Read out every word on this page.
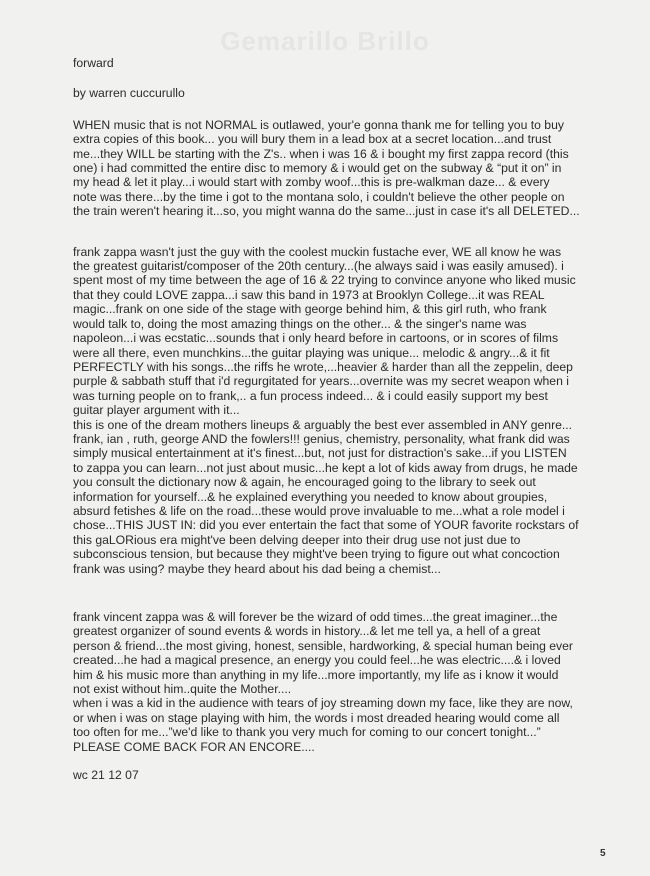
Gemarillo Brillo

forward

by warren cuccurullo

WHEN music that is not NORMAL is outlawed, your'e gonna thank me for telling you to buy
extra copies of this book... you will bury them in a lead box at a secret location...and trust
me...they WILL be starting with the Z's.. when i was 16 & i bought my first zappa record (this
one) i had committed the entire disc to memory & i would get on the subway & “put it on” in
my head & let it play...i would start with zomby woof...this is pre-walkman daze... & every
note was there...by the time i got to the montana solo, i couldn't believe the other people on
the train weren't hearing it...so, you might wanna do the same...just in case it's all DELETED...

frank zappa wasn't just the guy with the coolest muckin fustache ever, WE all know he was
the greatest guitarist/composer of the 20th century...(he always said i was easily amused). i
spent most of my time between the age of 16 & 22 trying to convince anyone who liked music
that they could LOVE zappa...i saw this band in 1973 at Brooklyn College...it was REAL
magic...frank on one side of the stage with george behind him, & this girl ruth, who frank
would talk to, doing the most amazing things on the other... & the singer's name was
napoleon...i was ecstatic...sounds that i only heard before in cartoons, or in scores of films
were all there, even munchkins...the guitar playing was unique... melodic & angry...& it fit
PERFECTLY with his songs...the riffs he wrote,...heavier & harder than all the zeppelin, deep
purple & sabbath stuff that i'd regurgitated for years...overnite was my secret weapon when i
was turning people on to frank,.. a fun process indeed... & i could easily support my best
guitar player argument with it...
this is one of the dream mothers lineups & arguably the best ever assembled in ANY genre...
frank, ian , ruth, george AND the fowlers!!! genius, chemistry, personality, what frank did was
simply musical entertainment at it's finest...but, not just for distraction's sake...if you LISTEN
to zappa you can learn...not just about music...he kept a lot of kids away from drugs, he made
you consult the dictionary now & again, he encouraged going to the library to seek out
information for yourself...& he explained everything you needed to know about groupies,
absurd fetishes & life on the road...these would prove invaluable to me...what a role model i
chose...THIS JUST IN: did you ever entertain the fact that some of YOUR favorite rockstars of
this gaLORious era might've been delving deeper into their drug use not just due to
subconscious tension, but because they might've been trying to figure out what concoction
frank was using? maybe they heard about his dad being a chemist...

frank vincent zappa was & will forever be the wizard of odd times...the great imaginer...the
greatest organizer of sound events & words in history...& let me tell ya, a hell of a great
person & friend...the most giving, honest, sensible, hardworking, & special human being ever
created...he had a magical presence, an energy you could feel...he was electric....& i loved
him & his music more than anything in my life...more importantly, my life as i know it would
not exist without him..quite the Mother....

when i was a kid in the audience with tears of joy streaming down my face, like they are now,
or when i was on stage playing with him, the words i most dreaded hearing would come all
too often for me...”we'd like to thank you very much for coming to our concert tonight...”
PLEASE COME BACK FOR AN ENCORE....

wc 21 12 07

5
